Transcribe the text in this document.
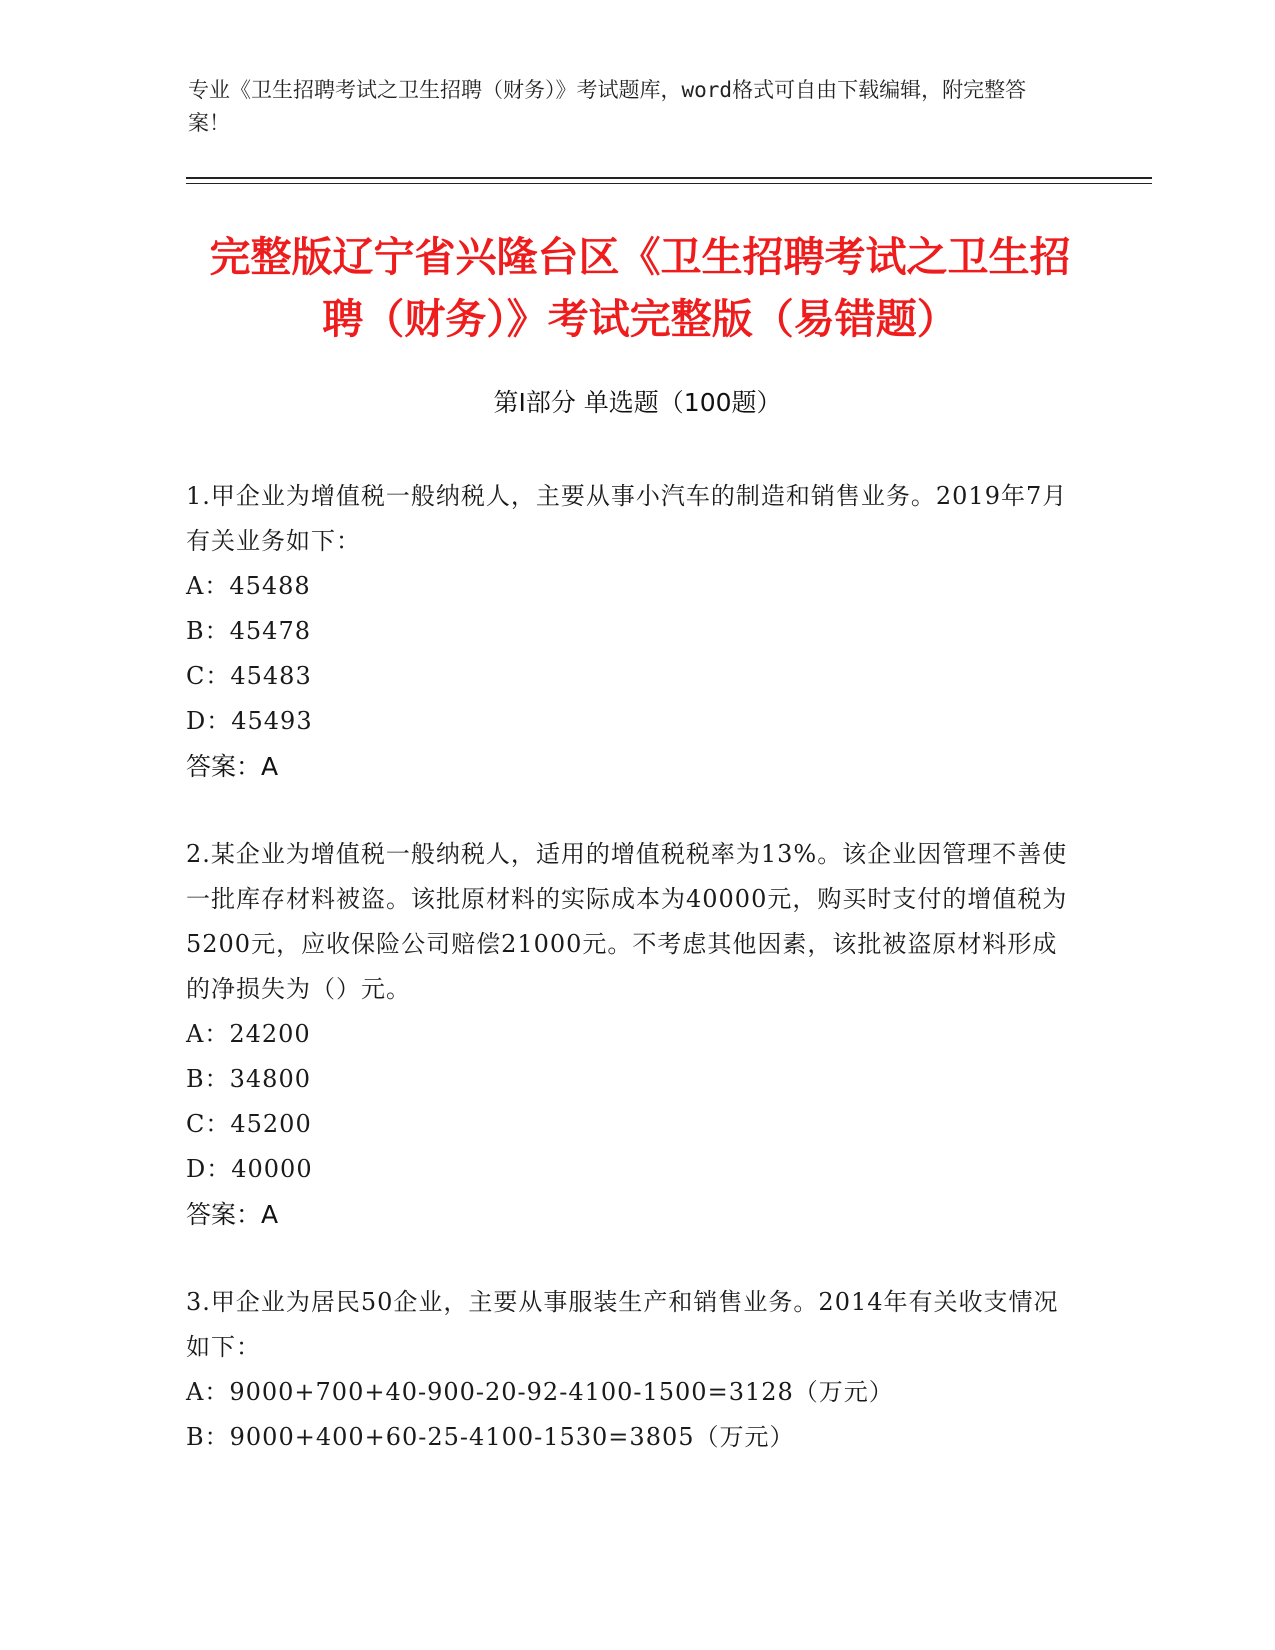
专业《卫生招聘考试之卫生招聘（财务）》考试题库，word格式可自由下载编辑，附完整答案！
完整版辽宁省兴隆台区《卫生招聘考试之卫生招聘（财务）》考试完整版（易错题）
第Ⅰ部分 单选题（100题）
1.甲企业为增值税一般纳税人，主要从事小汽车的制造和销售业务。2019年7月有关业务如下：
A：45488
B：45478
C：45483
D：45493
答案：A
2.某企业为增值税一般纳税人，适用的增值税税率为13%。该企业因管理不善使一批库存材料被盗。该批原材料的实际成本为40000元，购买时支付的增值税为5200元，应收保险公司赔偿21000元。不考虑其他因素，该批被盗原材料形成的净损失为（）元。
A：24200
B：34800
C：45200
D：40000
答案：A
3.甲企业为居民50企业，主要从事服装生产和销售业务。2014年有关收支情况如下：
A：9000+700+40-900-20-92-4100-1500=3128（万元）
B：9000+400+60-25-4100-1530=3805（万元）
